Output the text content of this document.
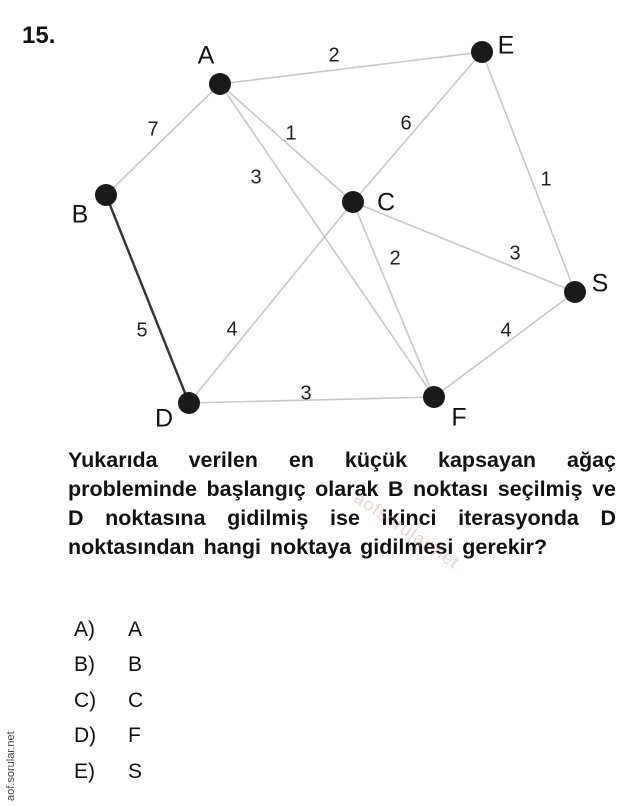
15.
2
7	1
3
6
1
5	4
2	3
3
4
A
B	C
D
E
F
S
Yukarıda verilen en küçük kapsayan ağaç probleminde başlangıç olarak B noktası seçilmiş ve D noktasına gidilmiş ise ikinci iterasyonda D noktasından hangi noktaya gidilmesi gerekir?
A)	A
B)	B
C)	C
D)	F
E)	S
aof.sorular.net
aofsorular.net
